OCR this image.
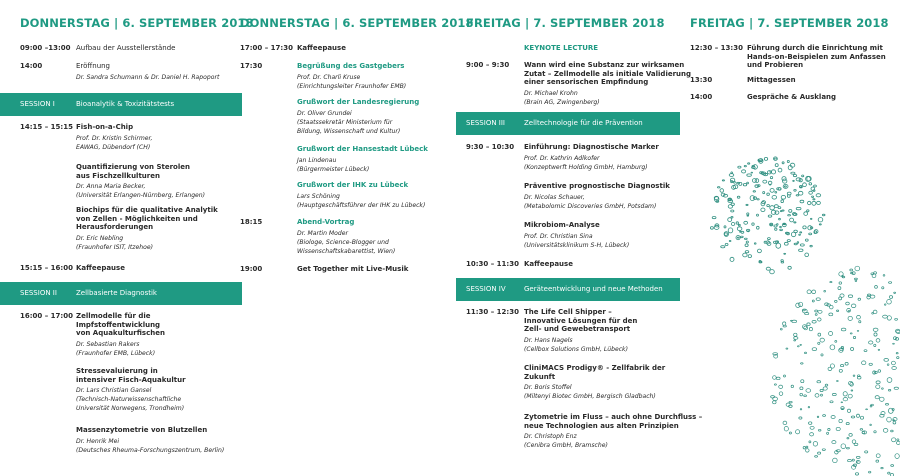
DONNERSTAG | 6. SEPTEMBER 2018
09:00 –13:00 Aufbau der Ausstellerstände
14:00	Eröffnung
Dr. Sandra Schumann & Dr. Daniel H. Rapoport
SESSION I	Bioanalytik & Toxizitätstests
14:15 – 15:15 Fish-on-a-Chip
Prof. Dr. Kristin Schirmer,
EAWAG, Dübendorf (CH)
Quantifizierung von Sterolen
aus Fischzellkulturen
Dr. Anna Maria Becker,
(Universität Erlangen-Nürnberg, Erlangen)
Biochips für die qualitative Analytik
von Zellen - Möglichkeiten und
Herausforderungen
Dr. Eric Nebling
(Fraunhofer ISIT, Itzehoe)
15:15 – 16:00 Kaffeepause
SESSION II	Zellbasierte Diagnostik
16:00 – 17:00 Zellmodelle für die
Impfstoffentwicklung
von Aquakulturfischen
Dr. Sebastian Rakers
(Fraunhofer EMB, Lübeck)
Stressevaluierung in
intensiver Fisch-Aquakultur
Dr. Lars Christian Gansel
(Technisch-Naturwissenschaftliche
Universität Norwegens, Trondheim)
Massenzytometrie von Blutzellen
Dr. Henrik Mei
(Deutsches Rheuma-Forschungszentrum, Berlin)
DONNERSTAG | 6. SEPTEMBER 2018
17:00 – 17:30 Kaffeepause
17:30	Begrüßung des Gastgebers
Prof. Dr. Charli Kruse
(Einrichtungsleiter Fraunhofer EMB)
Grußwort der Landesregierung
Dr. Oliver Grundei
(Staatssekretär Ministerium für
Bildung, Wissenschaft und Kultur)
Grußwort der Hansestadt Lübeck
Jan Lindenau
(Bürgermeister Lübeck)
Grußwort der IHK zu Lübeck
Lars Schöning
(Hauptgeschäftsführer der IHK zu Lübeck)
18:15	Abend-Vortrag
Dr. Martin Moder
(Biologe, Science-Blogger und
Wissenschaftskabarettist, Wien)
19:00	Get Together mit Live-Musik
FREITAG | 7. SEPTEMBER 2018
KEYNOTE LECTURE
9:00 – 9:30 Wann wird eine Substanz zur wirksamen
Zutat – Zellmodelle als initiale Validierung
einer sensorischen Empfindung
Dr. Michael Krohn
(Brain AG, Zwingenberg)
SESSION III	Zelltechnologie für die Prävention
9:30 – 10:30 Einführung: Diagnostische Marker
Prof. Dr. Kathrin Adlkofer
(Konzeptwerft Holding GmbH, Hamburg)
Präventive prognostische Diagnostik
Dr. Nicolas Schauer,
(Metabolomic Discoveries GmbH, Potsdam)
Mikrobiom-Analyse
Prof. Dr. Christian Sina
(Universitätsklinikum S-H, Lübeck)
10:30 – 11:30 Kaffeepause
SESSION IV	Geräteentwicklung und neue Methoden
11:30 – 12:30 The Life Cell Shipper –
Innovative Lösungen für den
Zell- und Gewebetransport
Dr. Hans Nagels
(Cellbox Solutions GmbH, Lübeck)
CliniMACS Prodigy® - Zellfabrik der
Zukunft
Dr. Boris Stoffel
(Miltenyi Biotec GmbH, Bergisch Gladbach)
Zytometrie im Fluss – auch ohne Durchfluss –
neue Technologien aus alten Prinzipien
Dr. Christoph Enz
(Cenibra GmbH, Bramsche)
FREITAG | 7. SEPTEMBER 2018
12:30 – 13:30 Führung durch die Einrichtung mit
Hands-on-Beispielen zum Anfassen
und Probieren
13:30	Mittagessen
14:00	Gespräche & Ausklang
